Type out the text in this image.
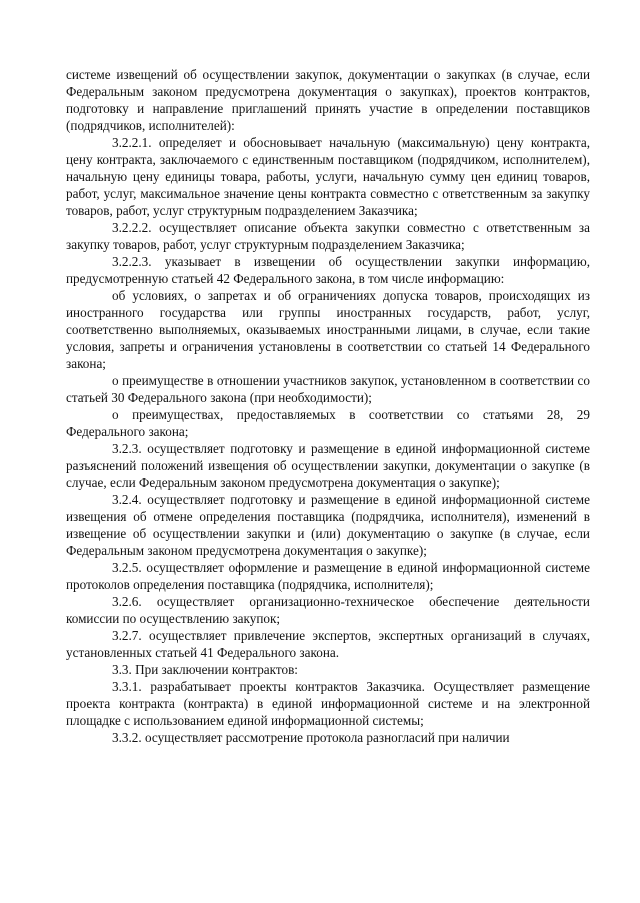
системе извещений об осуществлении закупок, документации о закупках (в случае, если Федеральным законом предусмотрена документация о закупках), проектов контрактов, подготовку и направление приглашений принять участие в определении поставщиков (подрядчиков, исполнителей):

3.2.2.1. определяет и обосновывает начальную (максимальную) цену контракта, цену контракта, заключаемого с единственным поставщиком (подрядчиком, исполнителем), начальную цену единицы товара, работы, услуги, начальную сумму цен единиц товаров, работ, услуг, максимальное значение цены контракта совместно с ответственным за закупку товаров, работ, услуг структурным подразделением Заказчика;

3.2.2.2. осуществляет описание объекта закупки совместно с ответственным за закупку товаров, работ, услуг структурным подразделением Заказчика;

3.2.2.3. указывает в извещении об осуществлении закупки информацию, предусмотренную статьей 42 Федерального закона, в том числе информацию:

об условиях, о запретах и об ограничениях допуска товаров, происходящих из иностранного государства или группы иностранных государств, работ, услуг, соответственно выполняемых, оказываемых иностранными лицами, в случае, если такие условия, запреты и ограничения установлены в соответствии со статьей 14 Федерального закона;

о преимуществе в отношении участников закупок, установленном в соответствии со статьей 30 Федерального закона (при необходимости);

о преимуществах, предоставляемых в соответствии со статьями 28, 29 Федерального закона;

3.2.3. осуществляет подготовку и размещение в единой информационной системе разъяснений положений извещения об осуществлении закупки, документации о закупке (в случае, если Федеральным законом предусмотрена документация о закупке);

3.2.4. осуществляет подготовку и размещение в единой информационной системе извещения об отмене определения поставщика (подрядчика, исполнителя), изменений в извещение об осуществлении закупки и (или) документацию о закупке (в случае, если Федеральным законом предусмотрена документация о закупке);

3.2.5. осуществляет оформление и размещение в единой информационной системе протоколов определения поставщика (подрядчика, исполнителя);

3.2.6. осуществляет организационно-техническое обеспечение деятельности комиссии по осуществлению закупок;

3.2.7. осуществляет привлечение экспертов, экспертных организаций в случаях, установленных статьей 41 Федерального закона.

3.3. При заключении контрактов:

3.3.1. разрабатывает проекты контрактов Заказчика. Осуществляет размещение проекта контракта (контракта) в единой информационной системе и на электронной площадке с использованием единой информационной системы;

3.3.2. осуществляет рассмотрение протокола разногласий при наличии
